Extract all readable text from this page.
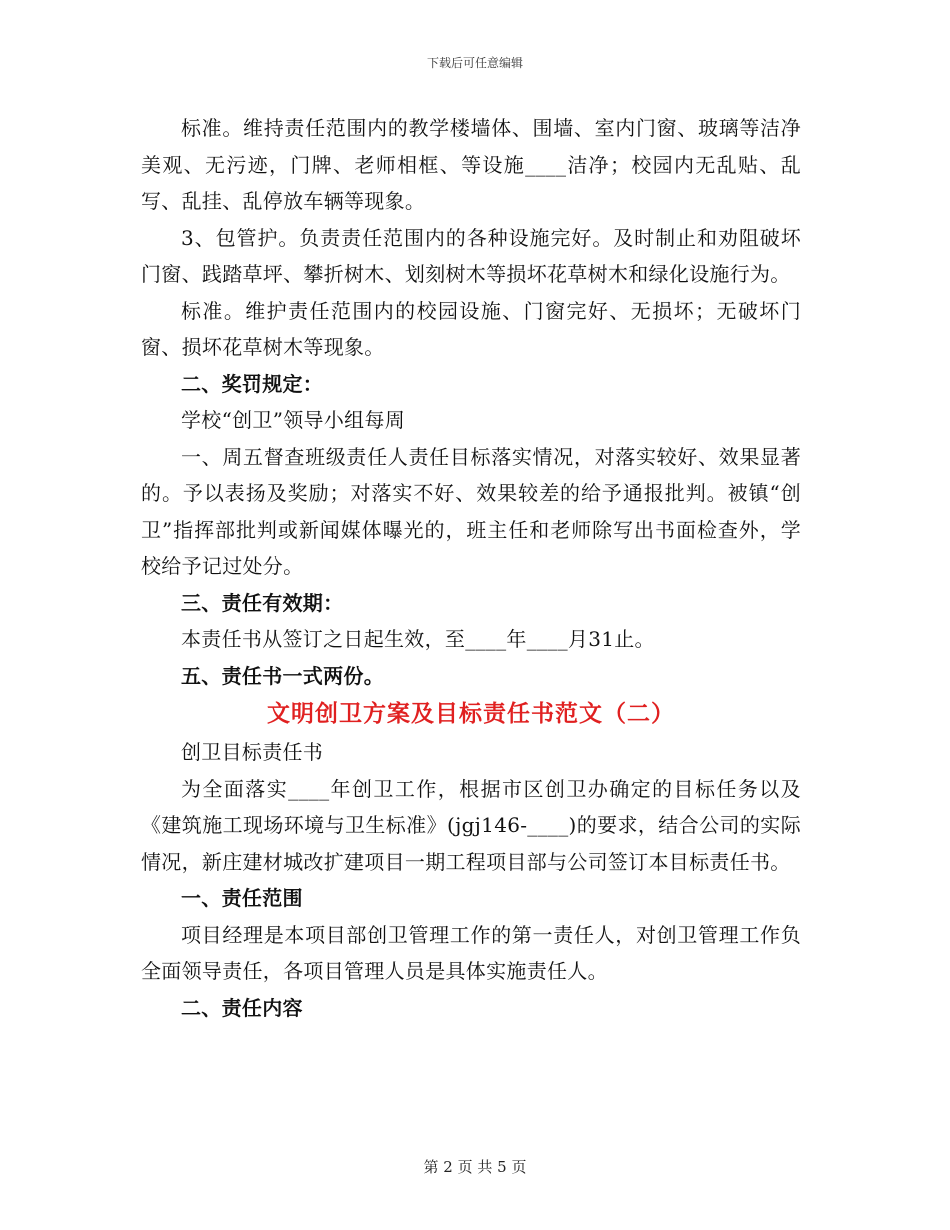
下载后可任意编辑

标准。维持责任范围内的教学楼墙体、围墙、室内门窗、玻璃等洁净美观、无污迹，门牌、老师相框、等设施____洁净；校园内无乱贴、乱写、乱挂、乱停放车辆等现象。

3、包管护。负责责任范围内的各种设施完好。及时制止和劝阻破坏门窗、践踏草坪、攀折树木、划刻树木等损坏花草树木和绿化设施行为。

标准。维护责任范围内的校园设施、门窗完好、无损坏；无破坏门窗、损坏花草树木等现象。

二、奖罚规定：

学校“创卫”领导小组每周

一、周五督查班级责任人责任目标落实情况，对落实较好、效果显著的。予以表扬及奖励；对落实不好、效果较差的给予通报批判。被镇“创卫”指挥部批判或新闻媒体曝光的，班主任和老师除写出书面检查外，学校给予记过处分。

三、责任有效期：

本责任书从签订之日起生效，至____年____月31止。

五、责任书一式两份。

文明创卫方案及目标责任书范文（二）

创卫目标责任书

为全面落实____年创卫工作，根据市区创卫办确定的目标任务以及《建筑施工现场环境与卫生标准》(jgj146-____)的要求，结合公司的实际情况，新庄建材城改扩建项目一期工程项目部与公司签订本目标责任书。

一、责任范围

项目经理是本项目部创卫管理工作的第一责任人，对创卫管理工作负全面领导责任，各项目管理人员是具体实施责任人。

二、责任内容

第 2 页 共 5 页
